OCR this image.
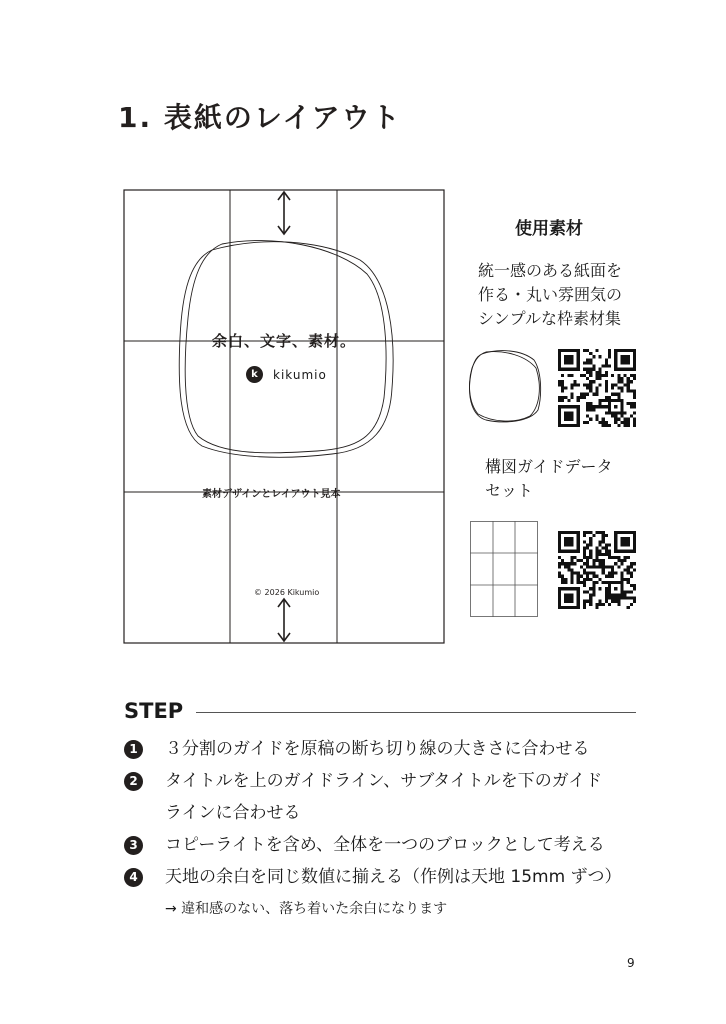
1. 表紙のレイアウト
余白、文字、素材。
k	kikumio
素材デザインとレイアウト見本
© 2026 Kikumio
使用素材
統一感のある紙面を
作る・丸い雰囲気の
シンプルな枠素材集
構図ガイドデータ
セット
STEP
1	３分割のガイドを原稿の断ち切り線の大きさに合わせる
2	タイトルを上のガイドライン、サブタイトルを下のガイド
ラインに合わせる
3	コピーライトを含め、全体を一つのブロックとして考える
4	天地の余白を同じ数値に揃える（作例は天地 15mm ずつ）
→ 違和感のない、落ち着いた余白になります
9
